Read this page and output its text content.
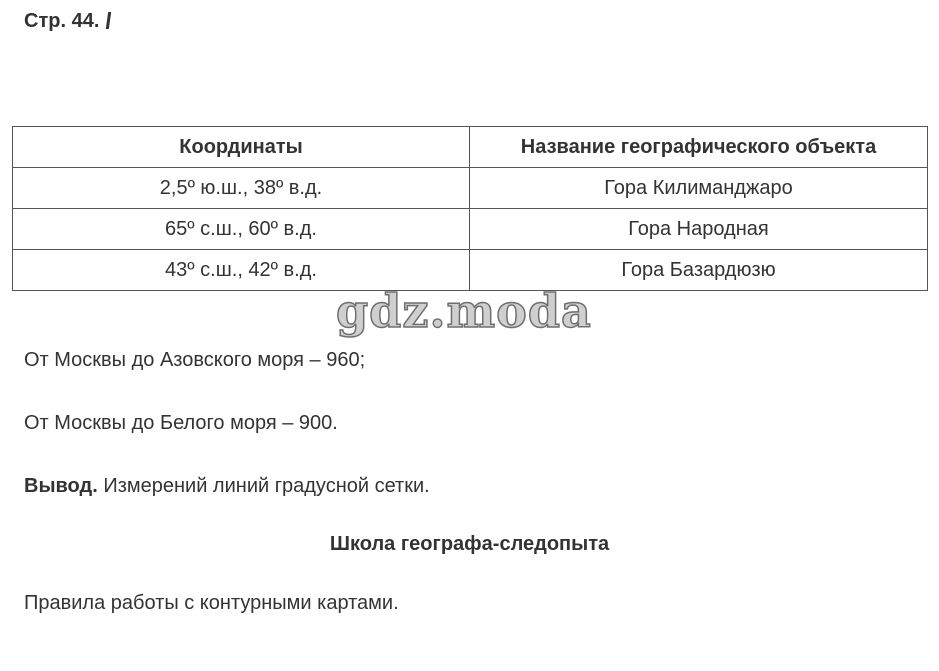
Стр. 44.
Координаты	Название географического объекта
2,5º ю.ш., 38º в.д.	Гора Килиманджаро
65º с.ш., 60º в.д.	Гора Народная
43º с.ш., 42º в.д.	Гора Базардюзю
gdz.moda
От Москвы до Азовского моря – 960;
От Москвы до Белого моря – 900.
Вывод. Измерений линий градусной сетки.
Школа географа-следопыта
Правила работы с контурными картами.
